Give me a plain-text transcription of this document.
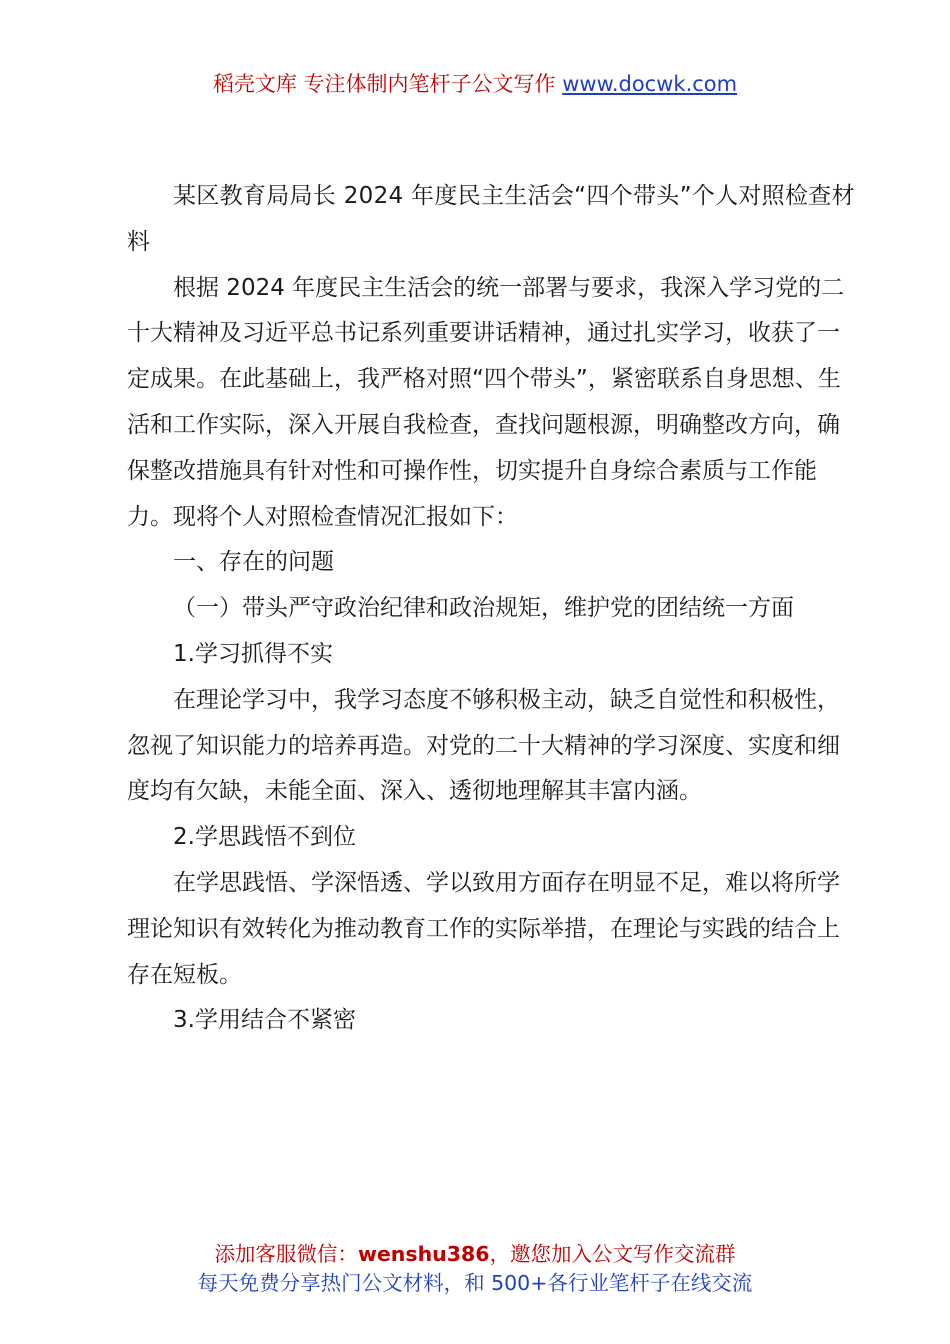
稻壳文库 专注体制内笔杆子公文写作 www.docwk.com

某区教育局局长 2024 年度民主生活会“四个带头”个人对照检查材料

根据 2024 年度民主生活会的统一部署与要求，我深入学习党的二十大精神及习近平总书记系列重要讲话精神，通过扎实学习，收获了一定成果。在此基础上，我严格对照“四个带头”，紧密联系自身思想、生活和工作实际，深入开展自我检查，查找问题根源，明确整改方向，确保整改措施具有针对性和可操作性，切实提升自身综合素质与工作能力。现将个人对照检查情况汇报如下：

一、存在的问题

（一）带头严守政治纪律和政治规矩，维护党的团结统一方面

1.学习抓得不实

在理论学习中，我学习态度不够积极主动，缺乏自觉性和积极性，忽视了知识能力的培养再造。对党的二十大精神的学习深度、实度和细度均有欠缺，未能全面、深入、透彻地理解其丰富内涵。

2.学思践悟不到位

在学思践悟、学深悟透、学以致用方面存在明显不足，难以将所学理论知识有效转化为推动教育工作的实际举措，在理论与实践的结合上存在短板。

3.学用结合不紧密

添加客服微信：wenshu386，邀您加入公文写作交流群
每天免费分享热门公文材料，和 500+各行业笔杆子在线交流
